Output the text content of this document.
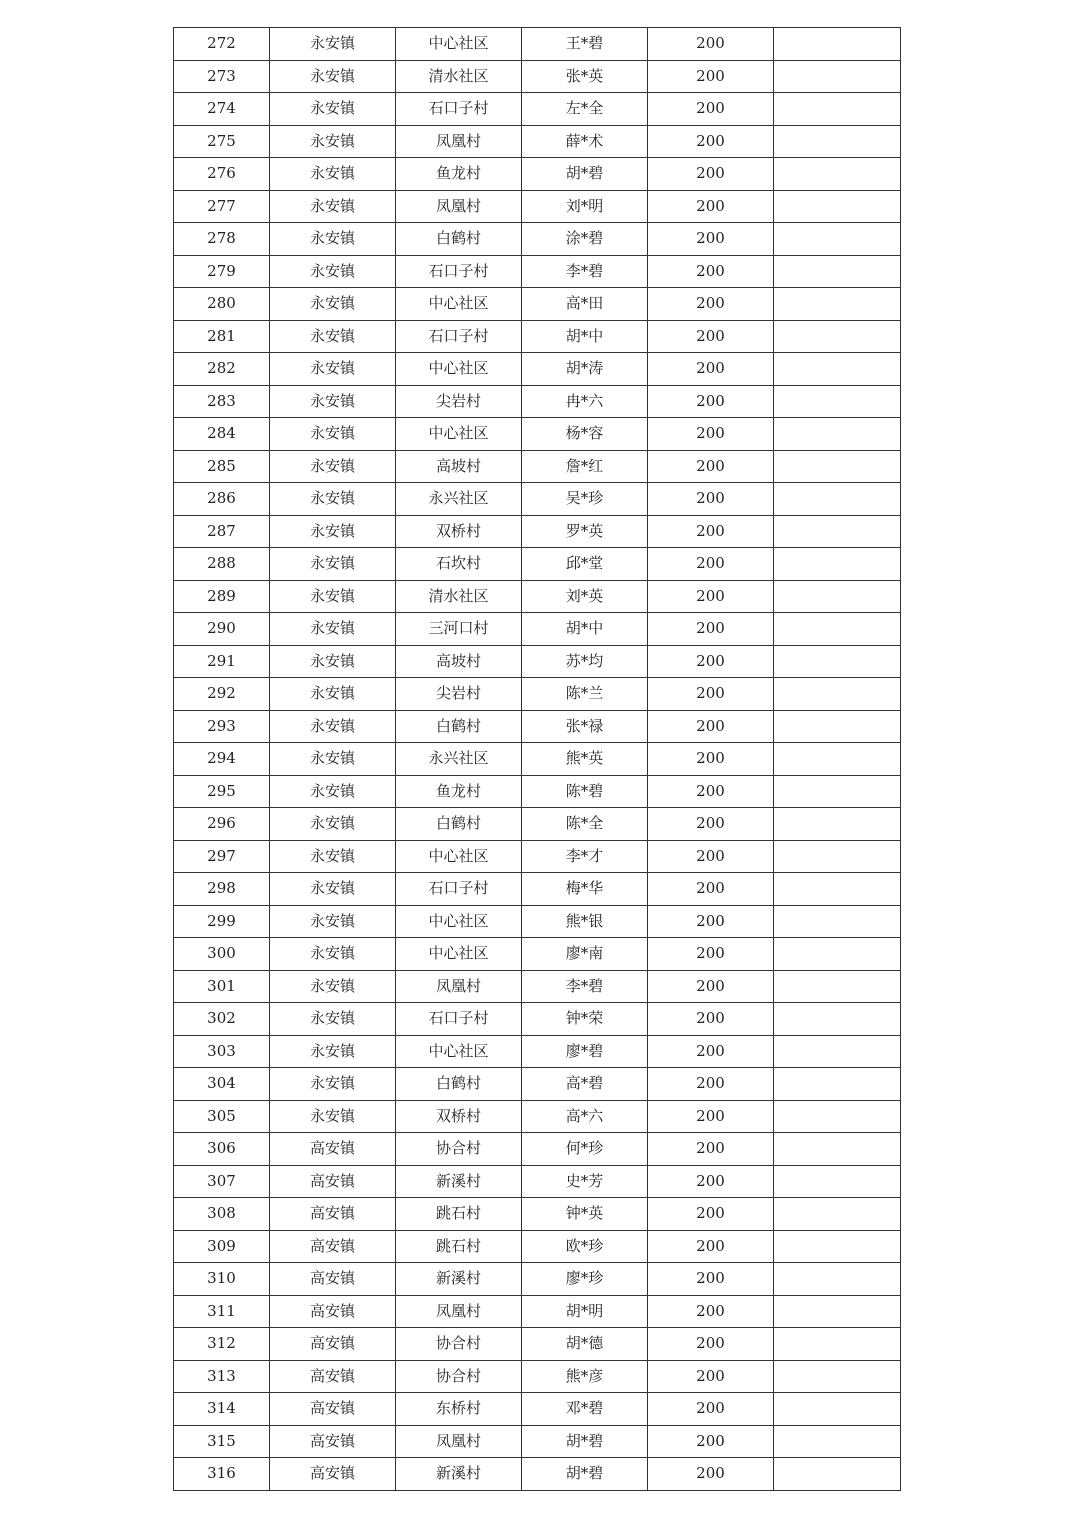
272	永安镇	中心社区	王*碧	200	
273	永安镇	清水社区	张*英	200	
274	永安镇	石口子村	左*全	200	
275	永安镇	凤凰村	薛*术	200	
276	永安镇	鱼龙村	胡*碧	200	
277	永安镇	凤凰村	刘*明	200	
278	永安镇	白鹤村	涂*碧	200	
279	永安镇	石口子村	李*碧	200	
280	永安镇	中心社区	高*田	200	
281	永安镇	石口子村	胡*中	200	
282	永安镇	中心社区	胡*涛	200	
283	永安镇	尖岩村	冉*六	200	
284	永安镇	中心社区	杨*容	200	
285	永安镇	高坡村	詹*红	200	
286	永安镇	永兴社区	吴*珍	200	
287	永安镇	双桥村	罗*英	200	
288	永安镇	石坎村	邱*堂	200	
289	永安镇	清水社区	刘*英	200	
290	永安镇	三河口村	胡*中	200	
291	永安镇	高坡村	苏*均	200	
292	永安镇	尖岩村	陈*兰	200	
293	永安镇	白鹤村	张*禄	200	
294	永安镇	永兴社区	熊*英	200	
295	永安镇	鱼龙村	陈*碧	200	
296	永安镇	白鹤村	陈*全	200	
297	永安镇	中心社区	李*才	200	
298	永安镇	石口子村	梅*华	200	
299	永安镇	中心社区	熊*银	200	
300	永安镇	中心社区	廖*南	200	
301	永安镇	凤凰村	李*碧	200	
302	永安镇	石口子村	钟*荣	200	
303	永安镇	中心社区	廖*碧	200	
304	永安镇	白鹤村	高*碧	200	
305	永安镇	双桥村	高*六	200	
306	高安镇	协合村	何*珍	200	
307	高安镇	新溪村	史*芳	200	
308	高安镇	跳石村	钟*英	200	
309	高安镇	跳石村	欧*珍	200	
310	高安镇	新溪村	廖*珍	200	
311	高安镇	凤凰村	胡*明	200	
312	高安镇	协合村	胡*德	200	
313	高安镇	协合村	熊*彦	200	
314	高安镇	东桥村	邓*碧	200	
315	高安镇	凤凰村	胡*碧	200	
316	高安镇	新溪村	胡*碧	200	
